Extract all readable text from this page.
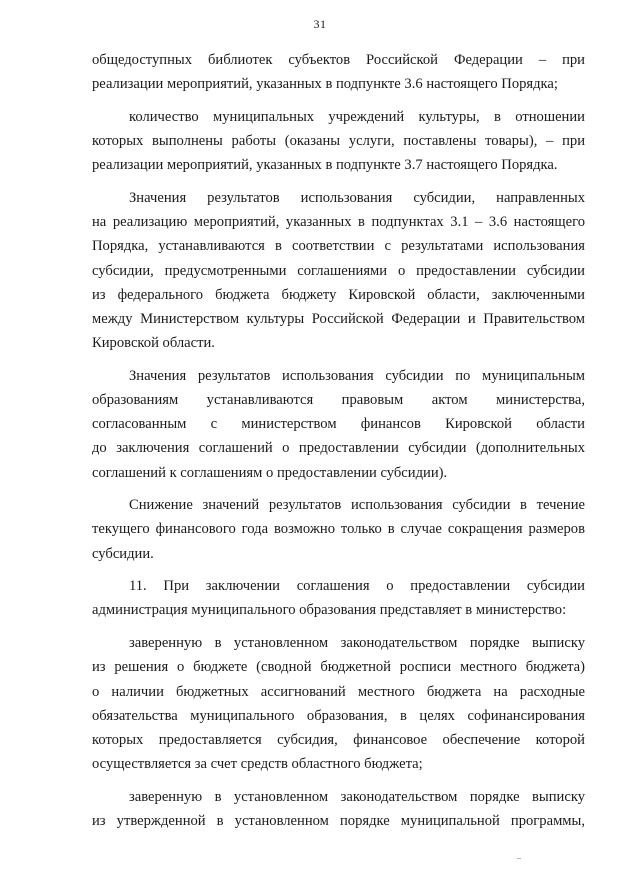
31
общедоступных библиотек субъектов Российской Федерации – при
реализации мероприятий, указанных в подпункте 3.6 настоящего Порядка;
количество муниципальных учреждений культуры, в отношении
которых выполнены работы (оказаны услуги, поставлены товары), – при
реализации мероприятий, указанных в подпункте 3.7 настоящего Порядка.
Значения результатов использования субсидии, направленных
на реализацию мероприятий, указанных в подпунктах 3.1 – 3.6 настоящего
Порядка, устанавливаются в соответствии с результатами использования
субсидии, предусмотренными соглашениями о предоставлении субсидии
из федерального бюджета бюджету Кировской области, заключенными
между Министерством культуры Российской Федерации и Правительством
Кировской области.
Значения результатов использования субсидии по муниципальным
образованиям устанавливаются правовым актом министерства,
согласованным с министерством финансов Кировской области
до заключения соглашений о предоставлении субсидии (дополнительных
соглашений к соглашениям о предоставлении субсидии).
Снижение значений результатов использования субсидии в течение
текущего финансового года возможно только в случае сокращения размеров
субсидии.
11. При заключении соглашения о предоставлении субсидии
администрация муниципального образования представляет в министерство:
заверенную в установленном законодательством порядке выписку
из решения о бюджете (сводной бюджетной росписи местного бюджета)
о наличии бюджетных ассигнований местного бюджета на расходные
обязательства муниципального образования, в целях софинансирования
которых предоставляется субсидия, финансовое обеспечение которой
осуществляется за счет средств областного бюджета;
заверенную в установленном законодательством порядке выписку
из утвержденной в установленном порядке муниципальной программы,
